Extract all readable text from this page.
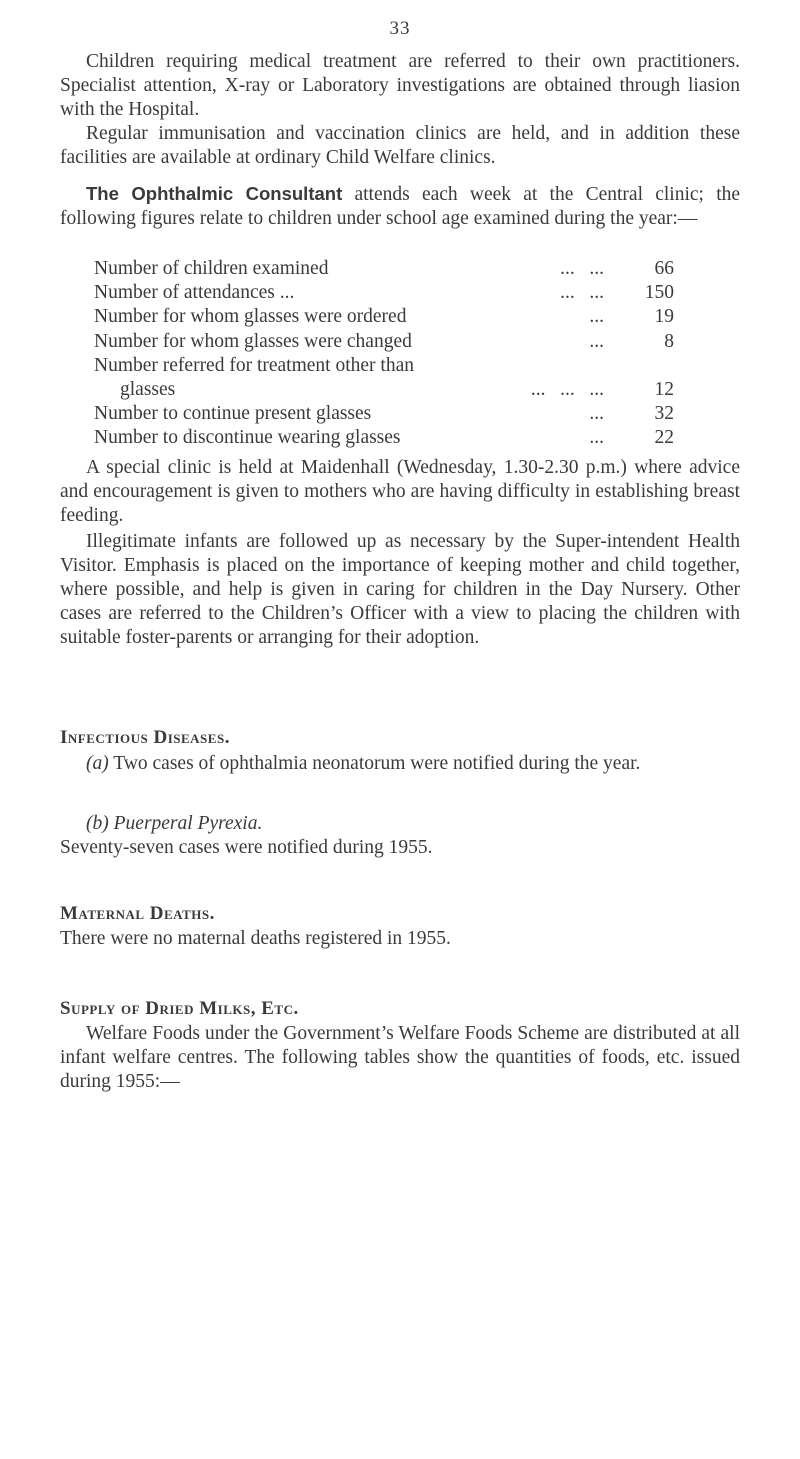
33

Children requiring medical treatment are referred to their own practitioners. Specialist attention, X-ray or Laboratory investigations are obtained through liasion with the Hospital.

Regular immunisation and vaccination clinics are held, and in addition these facilities are available at ordinary Child Welfare clinics.

The Ophthalmic Consultant attends each week at the Central clinic; the following figures relate to children under school age examined during the year:—

Number of children examined	...   ...	66
Number of attendances ...	...   ...	150
Number for whom glasses were ordered	...	19
Number for whom glasses were changed	...	8
Number referred for treatment other than
glasses	...   ...   ...	12
Number to continue present glasses	...	32
Number to discontinue wearing glasses	...	22

A special clinic is held at Maidenhall (Wednesday, 1.30-2.30 p.m.) where advice and encouragement is given to mothers who are having difficulty in establishing breast feeding.

Illegitimate infants are followed up as necessary by the Super-intendent Health Visitor. Emphasis is placed on the importance of keeping mother and child together, where possible, and help is given in caring for children in the Day Nursery. Other cases are referred to the Children’s Officer with a view to placing the children with suitable foster-parents or arranging for their adoption.

Infectious Diseases.

(a) Two cases of ophthalmia neonatorum were notified during the year.

(b) Puerperal Pyrexia.

Seventy-seven cases were notified during 1955.

Maternal Deaths.

There were no maternal deaths registered in 1955.

Supply of Dried Milks, Etc.

Welfare Foods under the Government’s Welfare Foods Scheme are distributed at all infant welfare centres. The following tables show the quantities of foods, etc. issued during 1955:—
